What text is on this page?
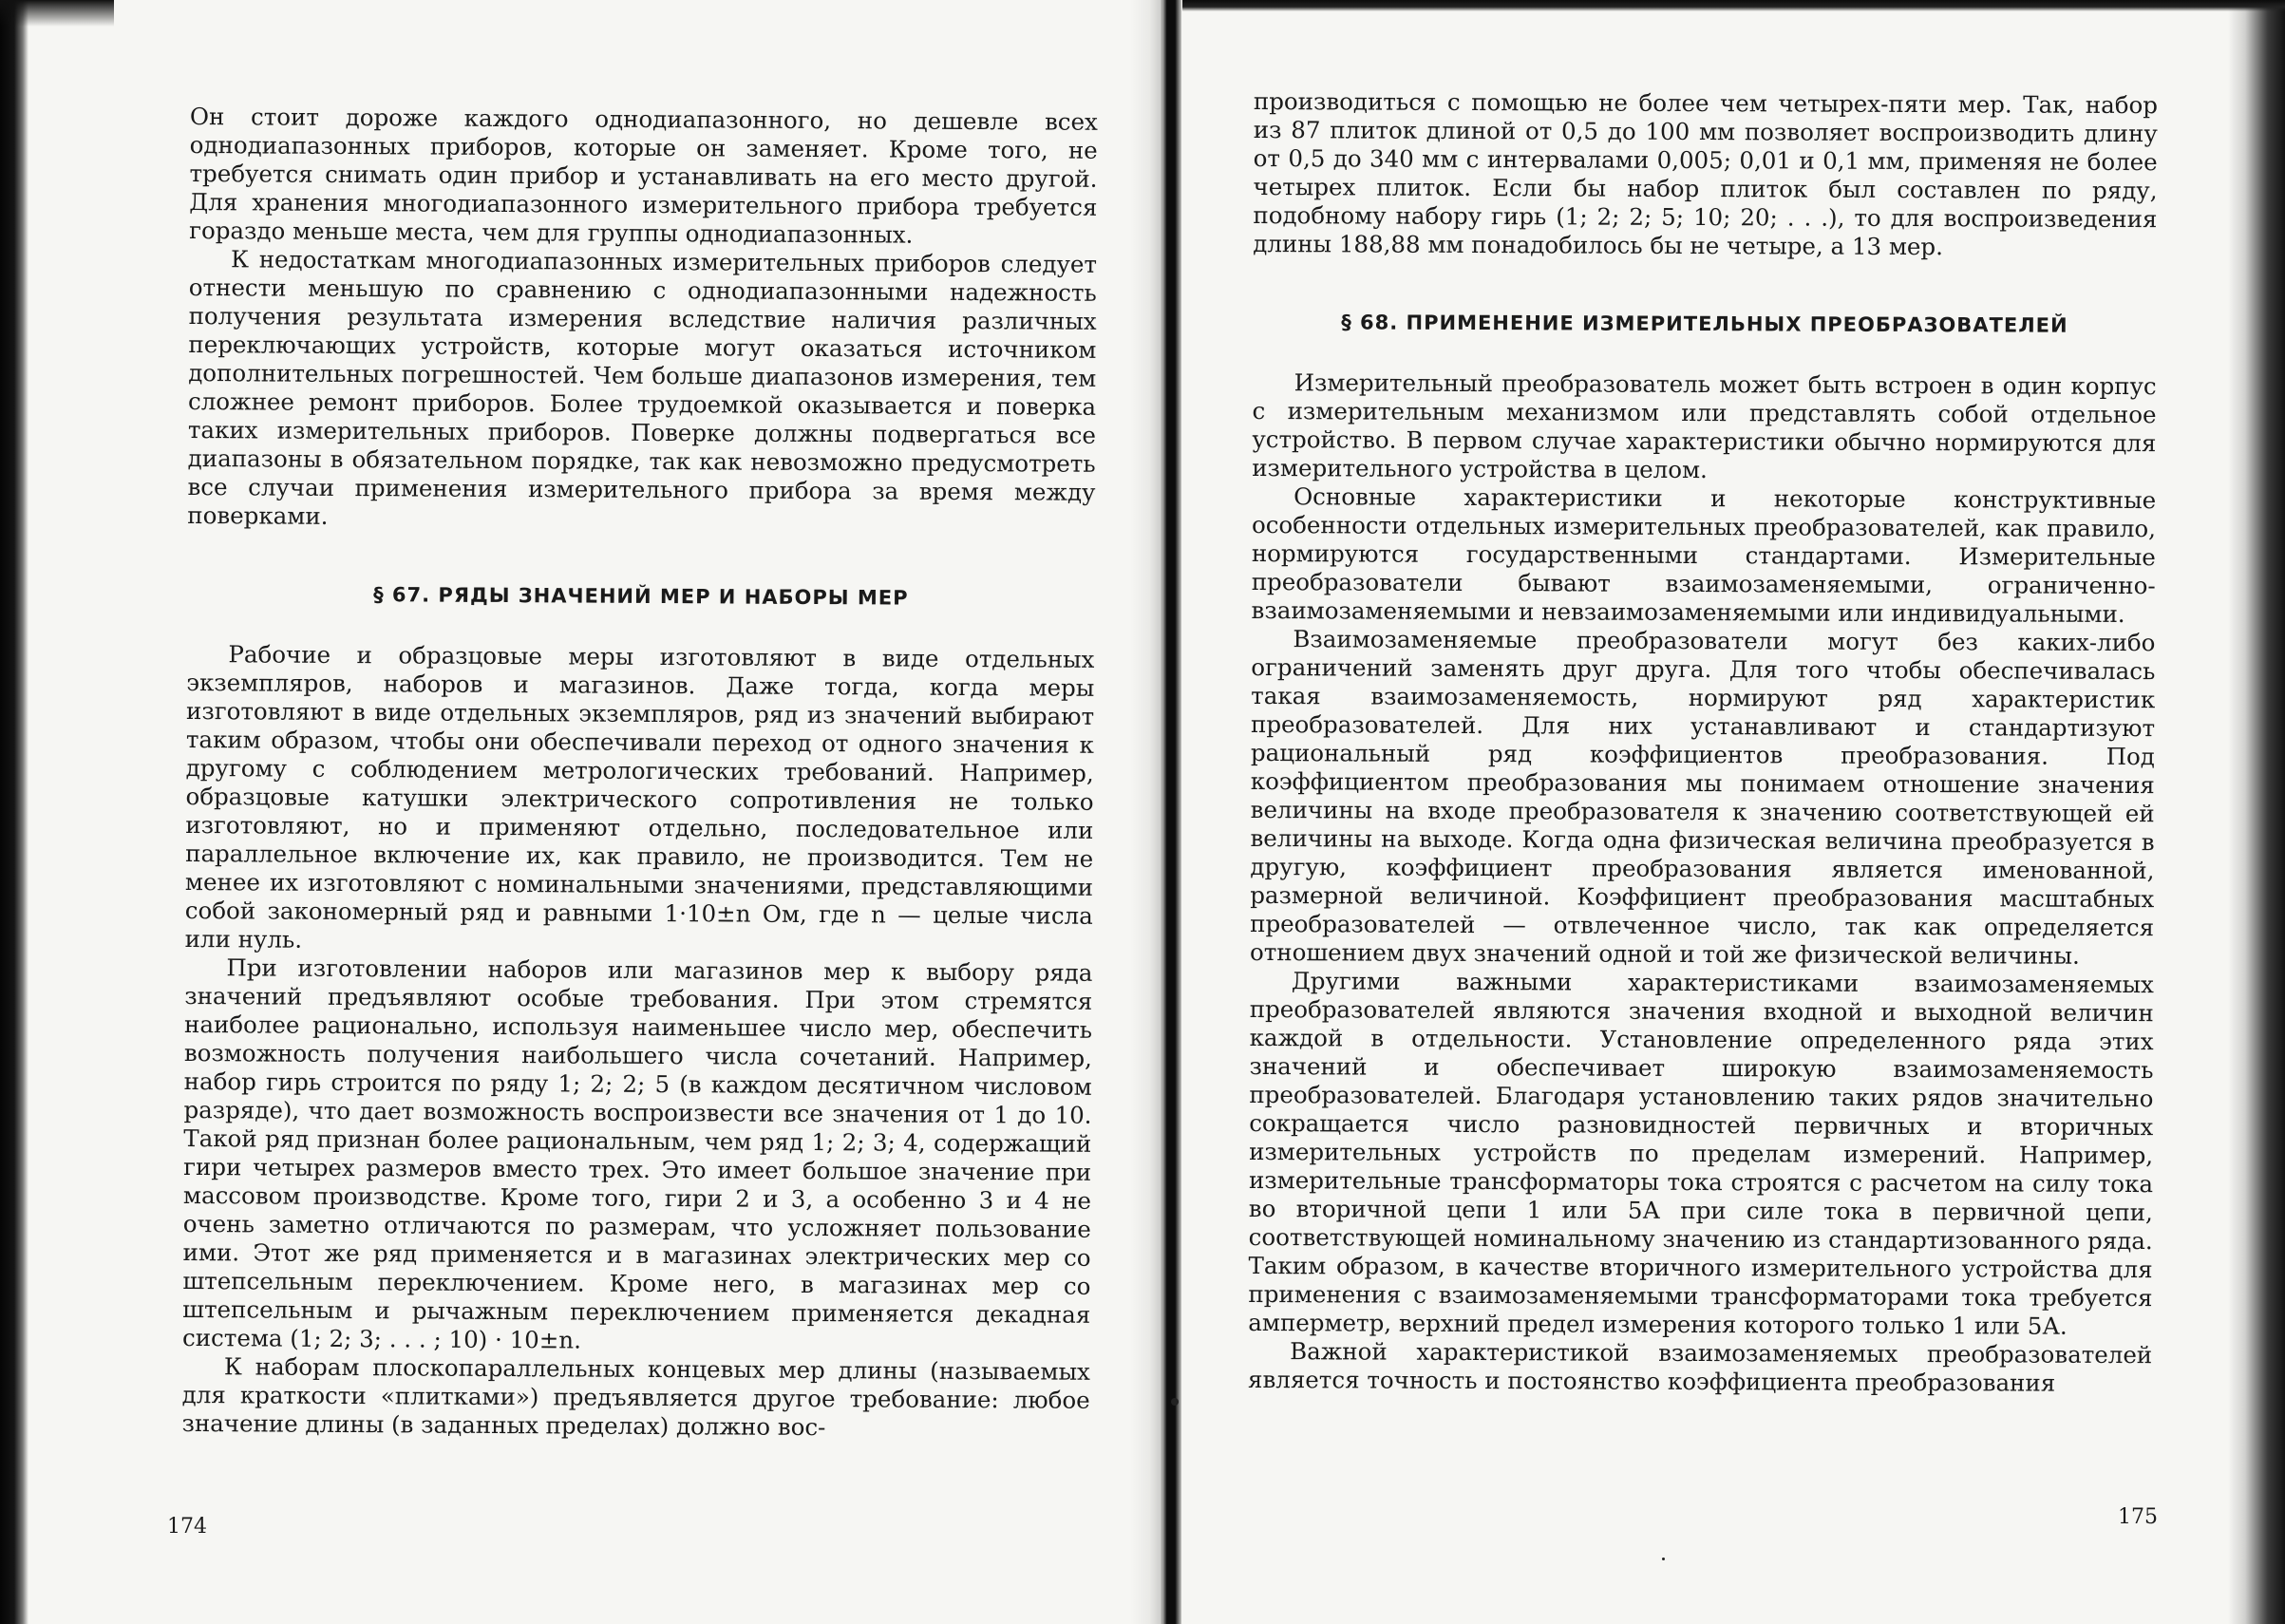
Он стоит дороже каждого однодиапазонного, но дешевле всех однодиапазонных приборов, которые он заменяет. Кроме того, не требуется снимать один прибор и устанавливать на его место другой. Для хранения многодиапазонного измерительного прибора требуется гораздо меньше места, чем для группы однодиапазонных.

К недостаткам многодиапазонных измерительных приборов следует отнести меньшую по сравнению с однодиапазонными надежность получения результата измерения вследствие наличия различных переключающих устройств, которые могут оказаться источником дополнительных погрешностей. Чем больше диапазонов измерения, тем сложнее ремонт приборов. Более трудоемкой оказывается и поверка таких измерительных приборов. Поверке должны подвергаться все диапазоны в обязательном порядке, так как невозможно предусмотреть все случаи применения измерительного прибора за время между поверками.

§ 67. РЯДЫ ЗНАЧЕНИЙ МЕР И НАБОРЫ МЕР

Рабочие и образцовые меры изготовляют в виде отдельных экземпляров, наборов и магазинов. Даже тогда, когда меры изготовляют в виде отдельных экземпляров, ряд из значений выбирают таким образом, чтобы они обеспечивали переход от одного значения к другому с соблюдением метрологических требований. Например, образцовые катушки электрического сопротивления не только изготовляют, но и применяют отдельно, последовательное или параллельное включение их, как правило, не производится. Тем не менее их изготовляют с номинальными значениями, представляющими собой закономерный ряд и равными 1·10±n Ом, где n — целые числа или нуль.

При изготовлении наборов или магазинов мер к выбору ряда значений предъявляют особые требования. При этом стремятся наиболее рационально, используя наименьшее число мер, обеспечить возможность получения наибольшего числа сочетаний. Например, набор гирь строится по ряду 1; 2; 2; 5 (в каждом десятичном числовом разряде), что дает возможность воспроизвести все значения от 1 до 10. Такой ряд признан более рациональным, чем ряд 1; 2; 3; 4, содержащий гири четырех размеров вместо трех. Это имеет большое значение при массовом производстве. Кроме того, гири 2 и 3, а особенно 3 и 4 не очень заметно отличаются по размерам, что усложняет пользование ими. Этот же ряд применяется и в магазинах электрических мер со штепсельным переключением. Кроме него, в магазинах мер со штепсельным и рычажным переключением применяется декадная система (1; 2; 3; . . . ; 10) · 10±n.

К наборам плоскопараллельных концевых мер длины (называемых для краткости «плитками») предъявляется другое требование: любое значение длины (в заданных пределах) должно вос-

174

производиться с помощью не более чем четырех-пяти мер. Так, набор из 87 плиток длиной от 0,5 до 100 мм позволяет воспроизводить длину от 0,5 до 340 мм с интервалами 0,005; 0,01 и 0,1 мм, применяя не более четырех плиток. Если бы набор плиток был составлен по ряду, подобному набору гирь (1; 2; 2; 5; 10; 20; . . .), то для воспроизведения длины 188,88 мм понадобилось бы не четыре, а 13 мер.

§ 68. ПРИМЕНЕНИЕ ИЗМЕРИТЕЛЬНЫХ ПРЕОБРАЗОВАТЕЛЕЙ

Измерительный преобразователь может быть встроен в один корпус с измерительным механизмом или представлять собой отдельное устройство. В первом случае характеристики обычно нормируются для измерительного устройства в целом.

Основные характеристики и некоторые конструктивные особенности отдельных измерительных преобразователей, как правило, нормируются государственными стандартами. Измерительные преобразователи бывают взаимозаменяемыми, ограниченно-взаимозаменяемыми и невзаимозаменяемыми или индивидуальными.

Взаимозаменяемые преобразователи могут без каких-либо ограничений заменять друг друга. Для того чтобы обеспечивалась такая взаимозаменяемость, нормируют ряд характеристик преобразователей. Для них устанавливают и стандартизуют рациональный ряд коэффициентов преобразования. Под коэффициентом преобразования мы понимаем отношение значения величины на входе преобразователя к значению соответствующей ей величины на выходе. Когда одна физическая величина преобразуется в другую, коэффициент преобразования является именованной, размерной величиной. Коэффициент преобразования масштабных преобразователей — отвлеченное число, так как определяется отношением двух значений одной и той же физической величины.

Другими важными характеристиками взаимозаменяемых преобразователей являются значения входной и выходной величин каждой в отдельности. Установление определенного ряда этих значений и обеспечивает широкую взаимозаменяемость преобразователей. Благодаря установлению таких рядов значительно сокращается число разновидностей первичных и вторичных измерительных устройств по пределам измерений. Например, измерительные трансформаторы тока строятся с расчетом на силу тока во вторичной цепи 1 или 5А при силе тока в первичной цепи, соответствующей номинальному значению из стандартизованного ряда. Таким образом, в качестве вторичного измерительного устройства для применения с взаимозаменяемыми трансформаторами тока требуется амперметр, верхний предел измерения которого только 1 или 5А.

Важной характеристикой взаимозаменяемых преобразователей является точность и постоянство коэффициента преобразования

175
